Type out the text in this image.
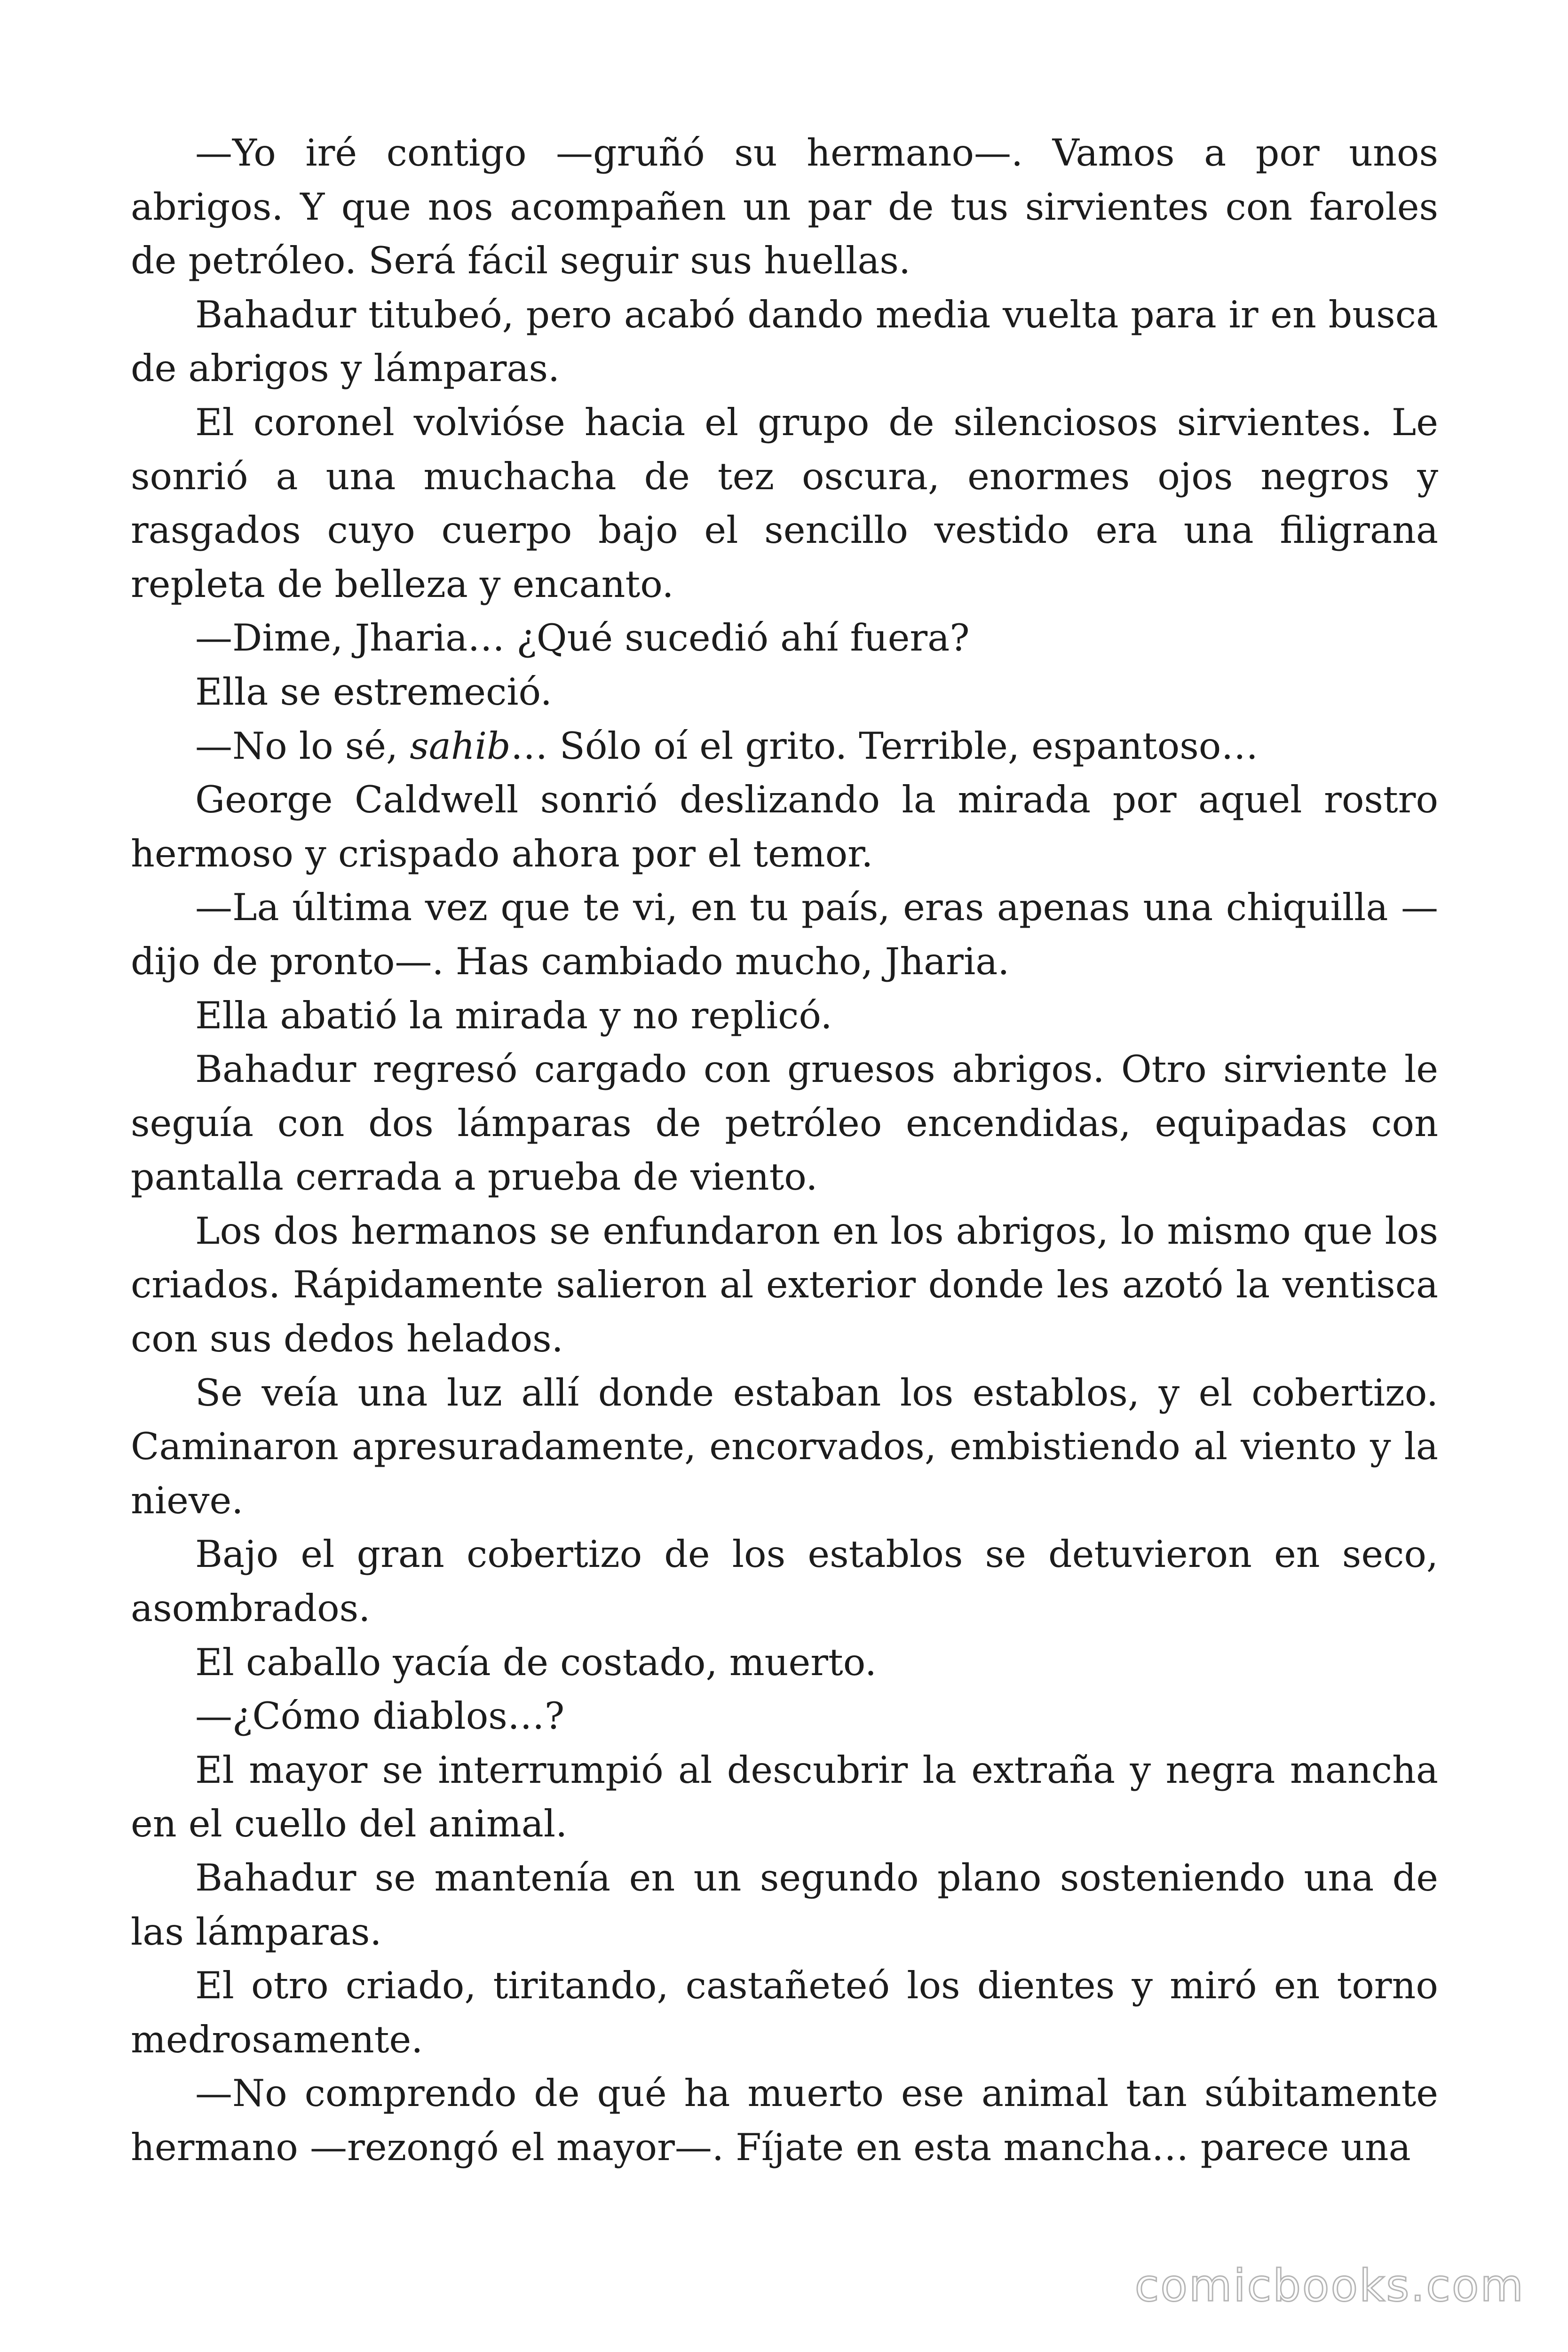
—Yo iré contigo —gruñó su hermano—. Vamos a por unos abrigos. Y que nos acompañen un par de tus sirvientes con faroles de petróleo. Será fácil seguir sus huellas.

Bahadur titubeó, pero acabó dando media vuelta para ir en busca de abrigos y lámparas.

El coronel volvióse hacia el grupo de silenciosos sirvientes. Le sonrió a una muchacha de tez oscura, enormes ojos negros y rasgados cuyo cuerpo bajo el sencillo vestido era una filigrana repleta de belleza y encanto.

—Dime, Jharia… ¿Qué sucedió ahí fuera?

Ella se estremeció.

—No lo sé, sahib… Sólo oí el grito. Terrible, espantoso…

George Caldwell sonrió deslizando la mirada por aquel rostro hermoso y crispado ahora por el temor.

—La última vez que te vi, en tu país, eras apenas una chiquilla —dijo de pronto—. Has cambiado mucho, Jharia.

Ella abatió la mirada y no replicó.

Bahadur regresó cargado con gruesos abrigos. Otro sirviente le seguía con dos lámparas de petróleo encendidas, equipadas con pantalla cerrada a prueba de viento.

Los dos hermanos se enfundaron en los abrigos, lo mismo que los criados. Rápidamente salieron al exterior donde les azotó la ventisca con sus dedos helados.

Se veía una luz allí donde estaban los establos, y el cobertizo. Caminaron apresuradamente, encorvados, embistiendo al viento y la nieve.

Bajo el gran cobertizo de los establos se detuvieron en seco, asombrados.

El caballo yacía de costado, muerto.

—¿Cómo diablos…?

El mayor se interrumpió al descubrir la extraña y negra mancha en el cuello del animal.

Bahadur se mantenía en un segundo plano sosteniendo una de las lámparas.

El otro criado, tiritando, castañeteó los dientes y miró en torno medrosamente.

—No comprendo de qué ha muerto ese animal tan súbitamente hermano —rezongó el mayor—. Fíjate en esta mancha… parece una

comicbooks.com
